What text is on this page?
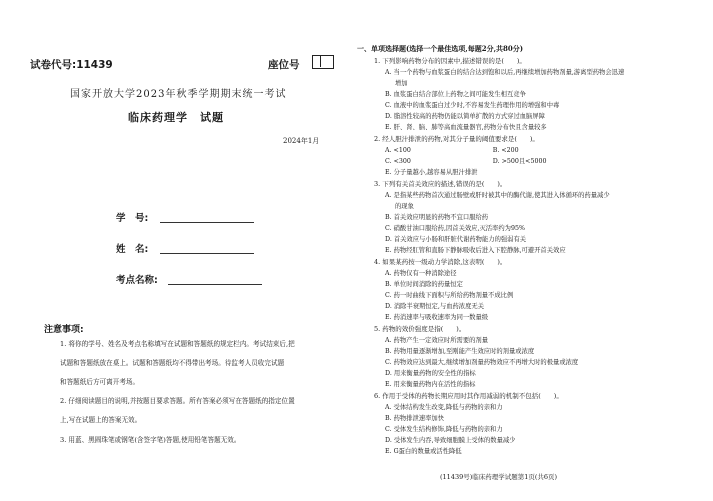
试卷代号:11439	座位号
国家开放大学2023年秋季学期期末统一考试
临床药理学　试题
2024年1月
学　号:
姓　名:
考点名称:
注意事项:
1. 将你的学号、姓名及考点名称填写在试题和答题纸的规定栏内。考试结束后,把
试题和答题纸放在桌上。试题和答题纸均不得带出考场。待监考人员收完试题
和答题纸后方可离开考场。
2. 仔细阅读题目的说明,并按题目要求答题。所有答案必须写在答题纸的指定位置
上,写在试题上的答案无效。
3. 用蓝、黑圆珠笔或钢笔(含签字笔)答题,使用铅笔答题无效。
一、单项选择题(选择一个最佳选项,每题2分,共80分)
1. 下列影响药物分布的因素中,描述错误的是(　　)。
A. 当一个药物与血浆蛋白的结合达到饱和以后,再继续增加药物剂量,游离型药物会迅速
增加
B. 血浆蛋白结合部位上药物之间可能发生相互竞争
C. 血液中的血浆蛋白过少时,不容易发生药理作用的增强和中毒
D. 脂溶性较高的药物仍能以简单扩散的方式穿过血脑屏障
E. 肝、肾、脑、肺等高血流量器官,药物分布快且含量较多
2. 经人胆汁排泄的药物,对其分子量的阈值要求是(　　)。
A. <100　　　　　　　　　　　　　B. <200
C. <300　　　　　　　　　　　　　D. >500且<5000
E. 分子量越小,越容易从胆汁排泄
3. 下列有关首关效应的描述,错误的是(　　)。
A. 是指某些药物首次通过肠壁或肝时被其中的酶代谢,使其进入体循环的药量减少
的现象
B. 首关效应明显的药物不宜口服给药
C. 硝酸甘油口服给药,因首关效应,灭活率约为95%
D. 首关效应与小肠和肝脏代谢药物能力的强弱有关
E. 药物经肛管和直肠下静脉吸收后进入下腔静脉,可避开首关效应
4. 如果某药按一级动力学消除,这表明(　　)。
A. 药物仅有一种消除途径
B. 单位时间消除的药量恒定
C. 药一时曲线下面积与所给药物剂量不成比例
D. 消除半衰期恒定,与血药浓度无关
E. 药消速率与吸收速率为同一数量级
5. 药物的效价强度是指(　　)。
A. 药物产生一定效应时所需要的剂量
B. 药物用量逐渐增加,至刚能产生效应时的剂量或浓度
C. 药物效应达到最大,继续增加剂量药物效应不再增大时的极量或浓度
D. 用来衡量药物的安全性的指标
E. 用来衡量药物内在活性的指标
6. 作用于受体的药物长期应用时其作用减弱的机制不包括(　　)。
A. 受体结构发生改变,降低与药物的亲和力
B. 药物排泄速率加快
C. 受体发生结构修饰,降低与药物的亲和力
D. 受体发生内吞,导致细胞膜上受体的数量减少
E. G蛋白的数量或活性降低
(11439号)临床药理学试题第1页(共6页)
